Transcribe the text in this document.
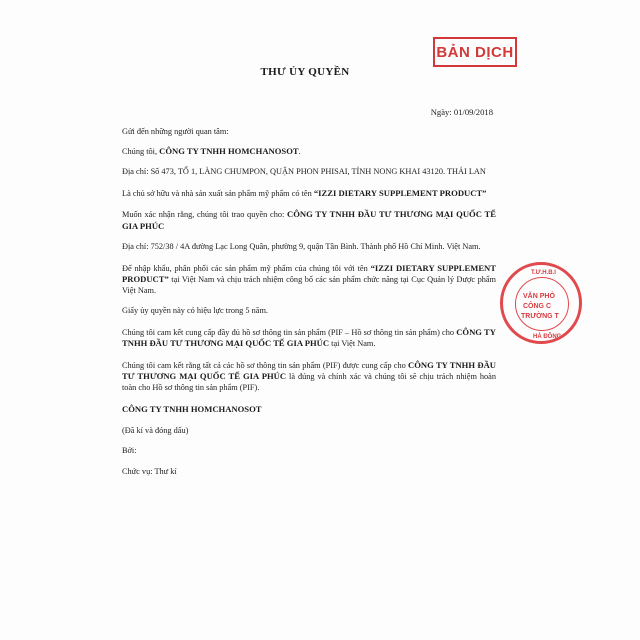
BẢN DỊCH
THƯ ỦY QUYỀN
Ngày: 01/09/2018

Gửi đến những người quan tâm:

Chúng tôi, CÔNG TY TNHH HOMCHANOSOT.

Địa chỉ: Số 473, TỔ 1, LÀNG CHUMPON, QUẬN PHON PHISAI, TỈNH NONG KHAI 43120. THÁI LAN

Là chủ sở hữu và nhà sản xuất sản phẩm mỹ phẩm có tên “IZZI DIETARY SUPPLEMENT PRODUCT”

Muốn xác nhận rằng, chúng tôi trao quyền cho: CÔNG TY TNHH ĐẦU TƯ THƯƠNG MẠI QUỐC TẾ GIA PHÚC

Địa chỉ: 752/38 / 4A đường Lạc Long Quân, phường 9, quận Tân Bình. Thành phố Hồ Chí Minh. Việt Nam.

Để nhập khẩu, phân phối các sản phẩm mỹ phẩm của chúng tôi với tên “IZZI DIETARY SUPPLEMENT PRODUCT” tại Việt Nam và chịu trách nhiệm công bố các sản phẩm chức năng tại Cục Quản lý Dược phẩm Việt Nam.

Giấy ủy quyền này có hiệu lực trong 5 năm.

Chúng tôi cam kết cung cấp đầy đủ hồ sơ thông tin sản phẩm (PIF – Hồ sơ thông tin sản phẩm) cho CÔNG TY TNHH ĐẦU TƯ THƯƠNG MẠI QUỐC TẾ GIA PHÚC tại Việt Nam.

Chúng tôi cam kết rằng tất cả các hồ sơ thông tin sản phẩm (PIF) được cung cấp cho CÔNG TY TNHH ĐẦU TƯ THƯƠNG MẠI QUỐC TẾ GIA PHÚC là đúng và chính xác và chúng tôi sẽ chịu trách nhiệm hoàn toàn cho Hồ sơ thông tin sản phẩm (PIF).

CÔNG TY TNHH HOMCHANOSOT

(Đã kí và đóng dấu)

Bởi:

Chức vụ: Thư kí

T.Ư.H.B.I
VĂN PHÒ
CÔNG C
TRƯỜNG T
HÀ ĐÔNG
